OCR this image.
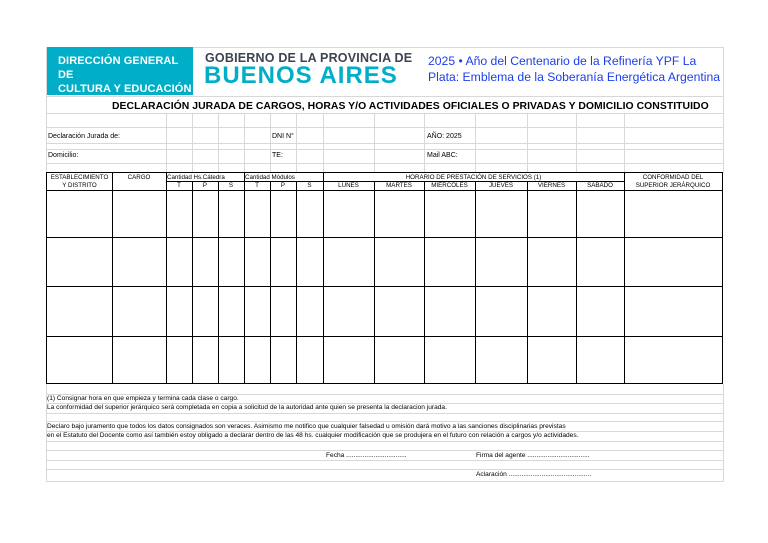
DIRECCIÓN GENERAL DE
CULTURA Y EDUCACIÓN
GOBIERNO DE LA PROVINCIA DE
BUENOS AIRES
2025 • Año del Centenario de la Refinería YPF La Plata: Emblema de la Soberanía Energética Argentina
DECLARACIÓN JURADA DE CARGOS, HORAS Y/O ACTIVIDADES OFICIALES O PRIVADAS Y DOMICILIO CONSTITUIDO
Declaración Jurada de:	DNI N°	AÑO: 2025
Domicilio:	TE:	Mail ABC:
ESTABLECIMIENTO
Y DISTRITO
CARGO	Cantidad Hs.Cátedra	Cantidad Módulos	HORARIO DE PRESTACIÓN DE SERVICIOS (1)	CONFORMIDAD DEL
SUPERIOR JERÁRQUICO
T	P	S	T	P	S	LUNES	MARTES	MIÉRCOLES	JUEVES	VIERNES	SÁBADO
(1) Consignar hora en que empieza y termina cada clase o cargo.
La conformidad del superior jerárquico será completada en copia a solicitud de la autoridad ante quien se presenta la declaracion jurada.
Declaro bajo juramento que todos los datos consignados son veraces. Asimismo me notifico que cualquier falsedad u omisión dará motivo a las sanciones disciplinarias previstas
en el Estatuto del Docente como así también estoy obligado a declarar dentro de las 48 hs. cualquier modificación que se produjera en el futuro con relación a cargos y/o actividades.
Fecha .................................	Firma del agente ..................................
Aclaración .............................................
